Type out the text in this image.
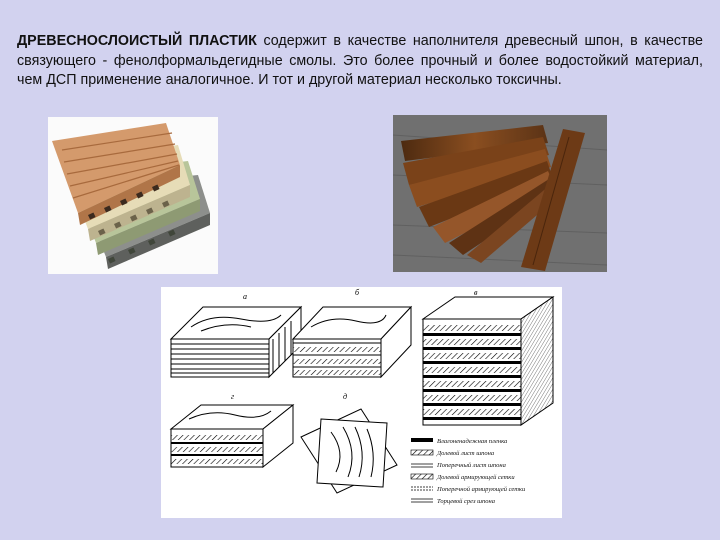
ДРЕВЕСНОСЛОИСТЫЙ ПЛАСТИК содержит в качестве наполнителя древесный шпон, в качестве связующего - фенолформальдегидные смолы. Это более прочный и более водостойкий материал, чем ДСП применение аналогичное. И тот и другой материал несколько токсичны.
а	б	в
г	д
Влагоненадежная пленка
Долевой лист шпона
Поперечный лист шпона
Долевой армирующей сетки
Поперечной армирующей сетки
Торцевой срез шпона
